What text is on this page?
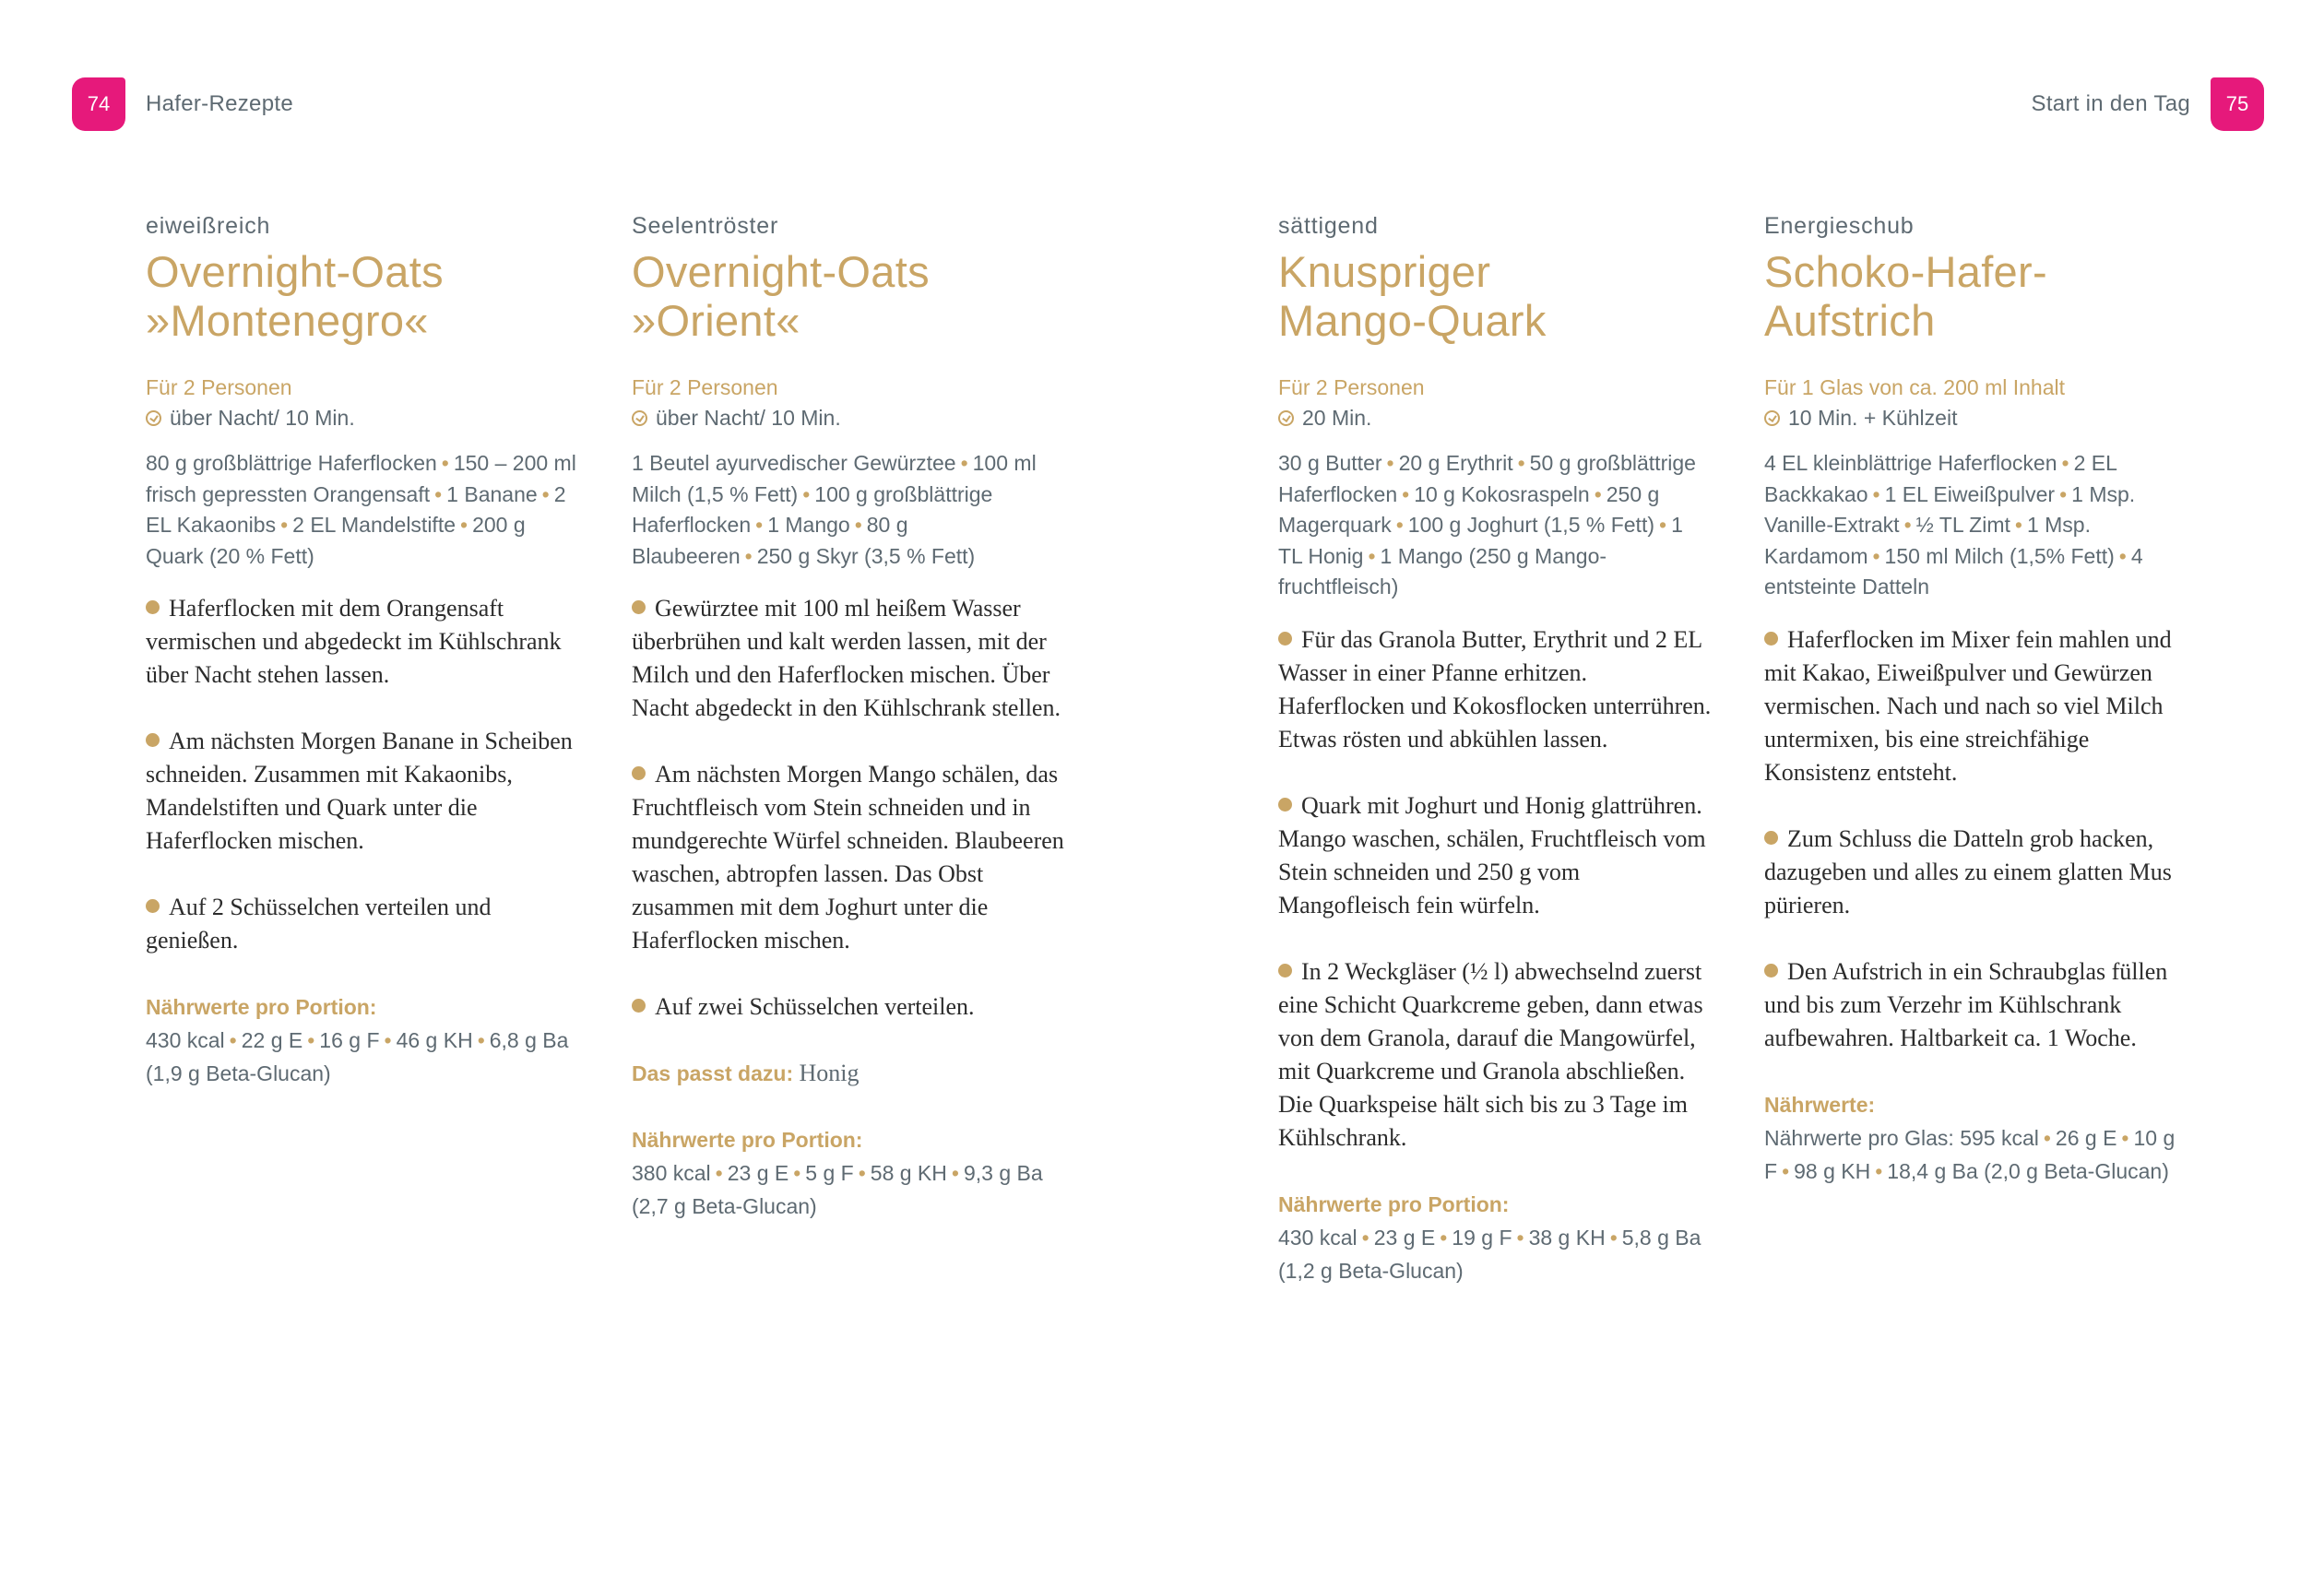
74	Hafer-Rezepte	Start in den Tag	75
eiweißreich
Overnight-Oats
»Montenegro«
Für 2 Personen
über Nacht/ 10 Min.
80 g großblättrige Haferflocken • 150 – 200 ml frisch gepressten Orangensaft • 1 Banane • 2 EL Kakaonibs • 2 EL Mandelstifte • 200 g Quark (20 % Fett)
Haferflocken mit dem Orangensaft vermischen und abgedeckt im Kühlschrank über Nacht stehen lassen.
Am nächsten Morgen Banane in Scheiben schneiden. Zusammen mit Kakaonibs, Mandelstiften und Quark unter die Haferflocken mischen.
Auf 2 Schüsselchen verteilen und genießen.
Nährwerte pro Portion:
430 kcal • 22 g E • 16 g F • 46 g KH • 6,8 g Ba (1,9 g Beta-Glucan)
Seelentröster
Overnight-Oats
»Orient«
Für 2 Personen
über Nacht/ 10 Min.
1 Beutel ayurvedischer Gewürztee • 100 ml Milch (1,5 % Fett) • 100 g großblättrige Haferflocken • 1 Mango • 80 g Blaubeeren • 250 g Skyr (3,5 % Fett)
Gewürztee mit 100 ml heißem Wasser überbrühen und kalt werden lassen, mit der Milch und den Haferflocken mischen. Über Nacht abgedeckt in den Kühlschrank stellen.
Am nächsten Morgen Mango schälen, das Fruchtfleisch vom Stein schneiden und in mundgerechte Würfel schneiden. Blaubeeren waschen, abtropfen lassen. Das Obst zusammen mit dem Joghurt unter die Haferflocken mischen.
Auf zwei Schüsselchen verteilen.
Das passt dazu: Honig
Nährwerte pro Portion:
380 kcal • 23 g E • 5 g F • 58 g KH • 9,3 g Ba (2,7 g Beta-Glucan)
sättigend
Knuspriger
Mango-Quark
Für 2 Personen
20 Min.
30 g Butter • 20 g Erythrit • 50 g großblättrige Haferflocken • 10 g Kokosraspeln • 250 g Magerquark • 100 g Joghurt (1,5 % Fett) • 1 TL Honig • 1 Mango (250 g Mangofruchtfleisch)
Für das Granola Butter, Erythrit und 2 EL Wasser in einer Pfanne erhitzen. Haferflocken und Kokosflocken unterrühren. Etwas rösten und abkühlen lassen.
Quark mit Joghurt und Honig glattrühren. Mango waschen, schälen, Fruchtfleisch vom Stein schneiden und 250 g vom Mangofleisch fein würfeln.
In 2 Weckgläser (½ l) abwechselnd zuerst eine Schicht Quarkcreme geben, dann etwas von dem Granola, darauf die Mangowürfel, mit Quarkcreme und Granola abschließen. Die Quarkspeise hält sich bis zu 3 Tage im Kühlschrank.
Nährwerte pro Portion:
430 kcal • 23 g E • 19 g F • 38 g KH • 5,8 g Ba (1,2 g Beta-Glucan)
Energieschub
Schoko-Hafer-
Aufstrich
Für 1 Glas von ca. 200 ml Inhalt
10 Min. + Kühlzeit
4 EL kleinblättrige Haferflocken • 2 EL Backkakao • 1 EL Eiweißpulver • 1 Msp. Vanille-Extrakt • ½ TL Zimt • 1 Msp. Kardamom • 150 ml Milch (1,5% Fett) • 4 entsteinte Datteln
Haferflocken im Mixer fein mahlen und mit Kakao, Eiweißpulver und Gewürzen vermischen. Nach und nach so viel Milch untermixen, bis eine streichfähige Konsistenz entsteht.
Zum Schluss die Datteln grob hacken, dazugeben und alles zu einem glatten Mus pürieren.
Den Aufstrich in ein Schraubglas füllen und bis zum Verzehr im Kühlschrank aufbewahren. Haltbarkeit ca. 1 Woche.
Nährwerte:
Nährwerte pro Glas: 595 kcal • 26 g E • 10 g F • 98 g KH • 18,4 g Ba (2,0 g Beta-Glucan)
